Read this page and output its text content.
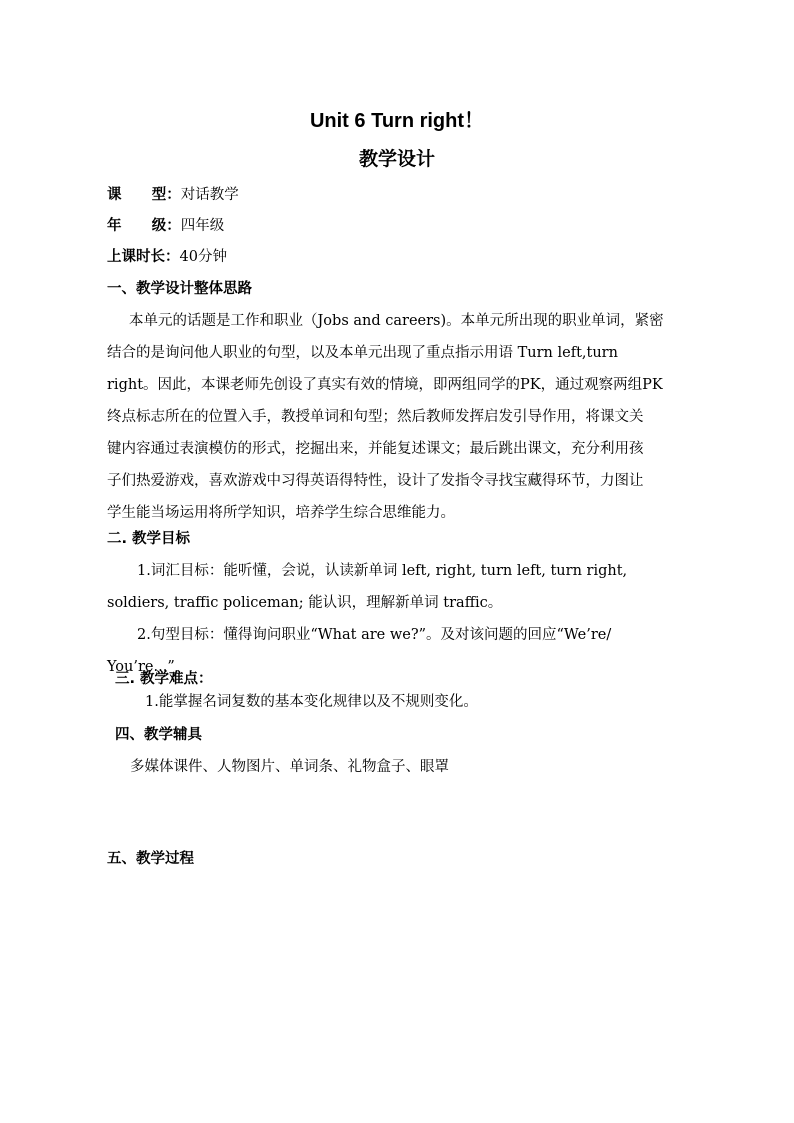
Unit 6 Turn right！
教学设计
课      型：对话教学
年      级：四年级
上课时长：40分钟
一、教学设计整体思路
本单元的话题是工作和职业（Jobs and careers)。本单元所出现的职业单词，紧密
结合的是询问他人职业的句型，以及本单元出现了重点指示用语 Turn left,turn
right。因此，本课老师先创设了真实有效的情境，即两组同学的PK，通过观察两组PK
终点标志所在的位置入手，教授单词和句型；然后教师发挥启发引导作用，将课文关
键内容通过表演模仿的形式，挖掘出来，并能复述课文；最后跳出课文，充分利用孩
子们热爱游戏，喜欢游戏中习得英语得特性，设计了发指令寻找宝藏得环节，力图让
学生能当场运用将所学知识，培养学生综合思维能力。
二. 教学目标
1.词汇目标：能听懂，会说，认读新单词 left, right, turn left, turn right,
soldiers, traffic policeman; 能认识，理解新单词 traffic。
2.句型目标：懂得询问职业“What are we?”。及对该问题的回应“We’re/
You’re...”
三. 教学难点：
1.能掌握名词复数的基本变化规律以及不规则变化。
四、教学辅具
多媒体课件、人物图片、单词条、礼物盒子、眼罩
五、教学过程
